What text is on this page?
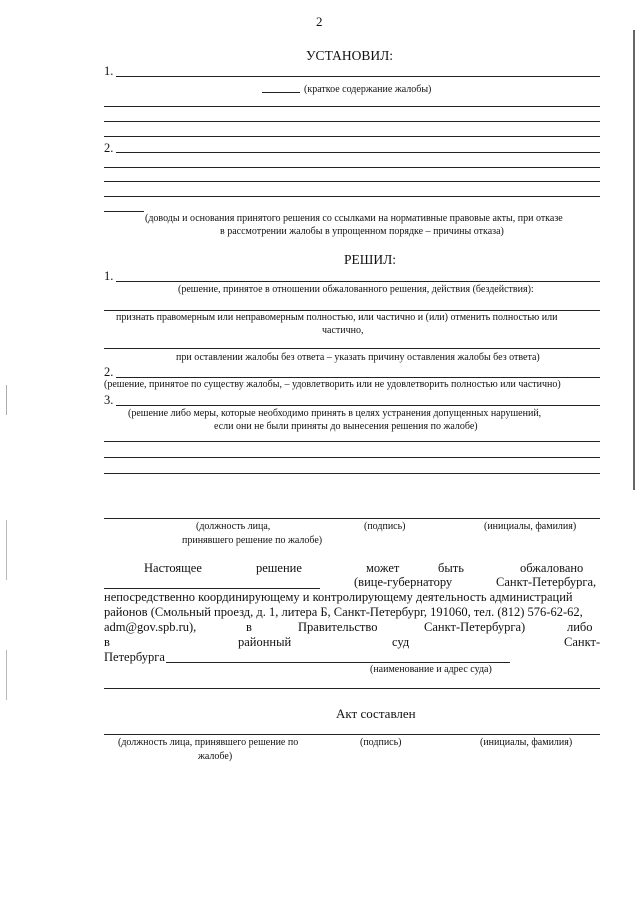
2
УСТАНОВИЛ:
1.
(краткое содержание жалобы)
2.
(доводы и основания принятого решения со ссылками на нормативные правовые акты, при отказе
в рассмотрении жалобы в упрощенном порядке – причины отказа)
РЕШИЛ:
1.
(решение, принятое в отношении обжалованного решения, действия (бездействия):
признать правомерным или неправомерным полностью, или частично и (или) отменить полностью или
частично,
при оставлении жалобы без ответа – указать причину оставления жалобы без ответа)
2.
(решение, принятое по существу жалобы, – удовлетворить или не удовлетворить полностью или частично)
3.
(решение либо меры, которые необходимо принять в целях устранения допущенных нарушений,
если они не были приняты до вынесения решения по жалобе)
(должность лица,
принявшего решение по жалобе)
(подпись)	(инициалы, фамилия)
Настоящее	решение	может	быть	обжаловано
(вице-губернатору	Санкт-Петербурга,
непосредственно координирующему и контролирующему деятельность администраций
районов (Смольный проезд, д. 1, литера Б, Санкт-Петербург, 191060, тел. (812) 576-62-62,
adm@gov.spb.ru),	в	Правительство	Санкт-Петербурга)	либо
в	районный	суд	Санкт-
Петербурга
(наименование и адрес суда)
Акт составлен
(должность лица, принявшего решение по
жалобе)
(подпись)	(инициалы, фамилия)
